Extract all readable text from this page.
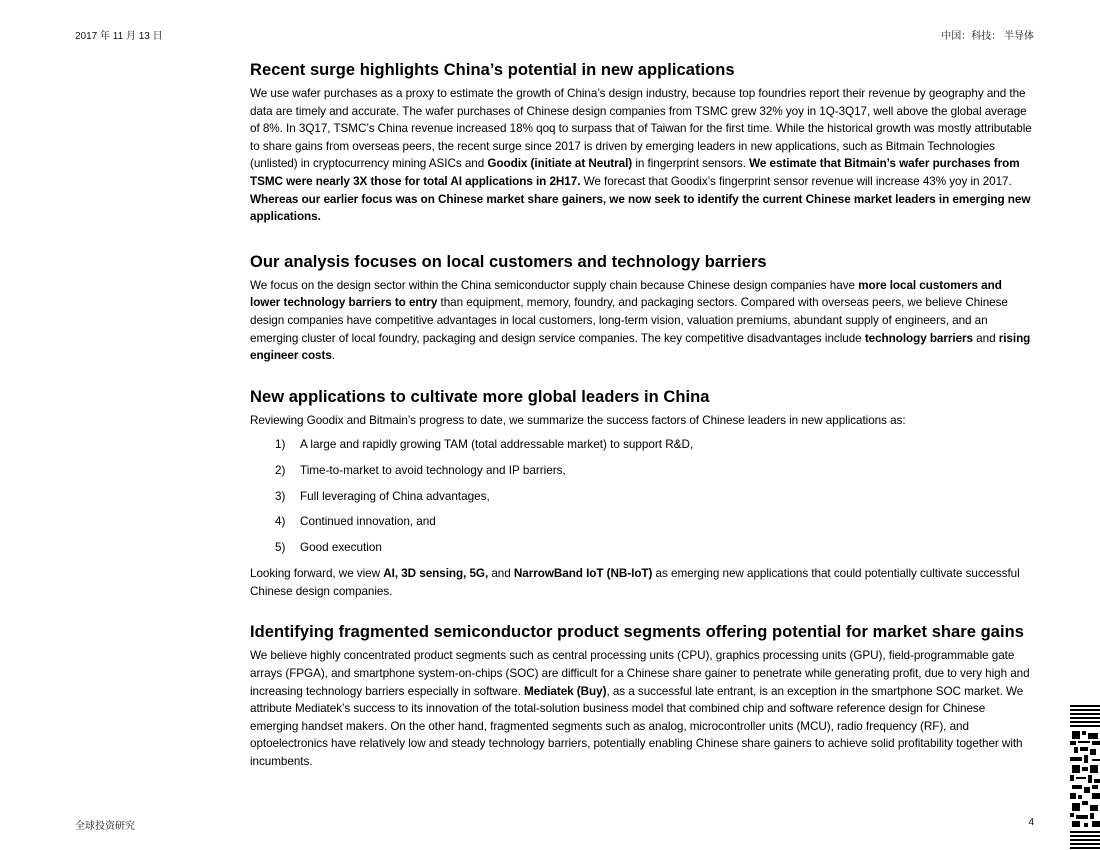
2017 年 11 月 13 日	中国：科技： 半导体
Recent surge highlights China’s potential in new applications

We use wafer purchases as a proxy to estimate the growth of China’s design industry, because top foundries report their revenue by geography and the data are timely and accurate. The wafer purchases of Chinese design companies from TSMC grew 32% yoy in 1Q-3Q17, well above the global average of 8%. In 3Q17, TSMC’s China revenue increased 18% qoq to surpass that of Taiwan for the first time. While the historical growth was mostly attributable to share gains from overseas peers, the recent surge since 2017 is driven by emerging leaders in new applications, such as Bitmain Technologies (unlisted) in cryptocurrency mining ASICs and Goodix (initiate at Neutral) in fingerprint sensors. We estimate that Bitmain’s wafer purchases from TSMC were nearly 3X those for total AI applications in 2H17. We forecast that Goodix’s fingerprint sensor revenue will increase 43% yoy in 2017. Whereas our earlier focus was on Chinese market share gainers, we now seek to identify the current Chinese market leaders in emerging new applications.

Our analysis focuses on local customers and technology barriers

We focus on the design sector within the China semiconductor supply chain because Chinese design companies have more local customers and lower technology barriers to entry than equipment, memory, foundry, and packaging sectors. Compared with overseas peers, we believe Chinese design companies have competitive advantages in local customers, long-term vision, valuation premiums, abundant supply of engineers, and an emerging cluster of local foundry, packaging and design service companies. The key competitive disadvantages include technology barriers and rising engineer costs.

New applications to cultivate more global leaders in China

Reviewing Goodix and Bitmain’s progress to date, we summarize the success factors of Chinese leaders in new applications as:

1) A large and rapidly growing TAM (total addressable market) to support R&D,
2) Time-to-market to avoid technology and IP barriers,
3) Full leveraging of China advantages,
4) Continued innovation, and
5) Good execution

Looking forward, we view AI, 3D sensing, 5G, and NarrowBand IoT (NB-IoT) as emerging new applications that could potentially cultivate successful Chinese design companies.

Identifying fragmented semiconductor product segments offering potential for market share gains

We believe highly concentrated product segments such as central processing units (CPU), graphics processing units (GPU), field-programmable gate arrays (FPGA), and smartphone system-on-chips (SOC) are difficult for a Chinese share gainer to penetrate while generating profit, due to very high and increasing technology barriers especially in software. Mediatek (Buy), as a successful late entrant, is an exception in the smartphone SOC market. We attribute Mediatek’s success to its innovation of the total-solution business model that combined chip and software reference design for Chinese emerging handset makers. On the other hand, fragmented segments such as analog, microcontroller units (MCU), radio frequency (RF), and optoelectronics have relatively low and steady technology barriers, potentially enabling Chinese share gainers to achieve solid profitability together with incumbents.

全球投资研究	4
